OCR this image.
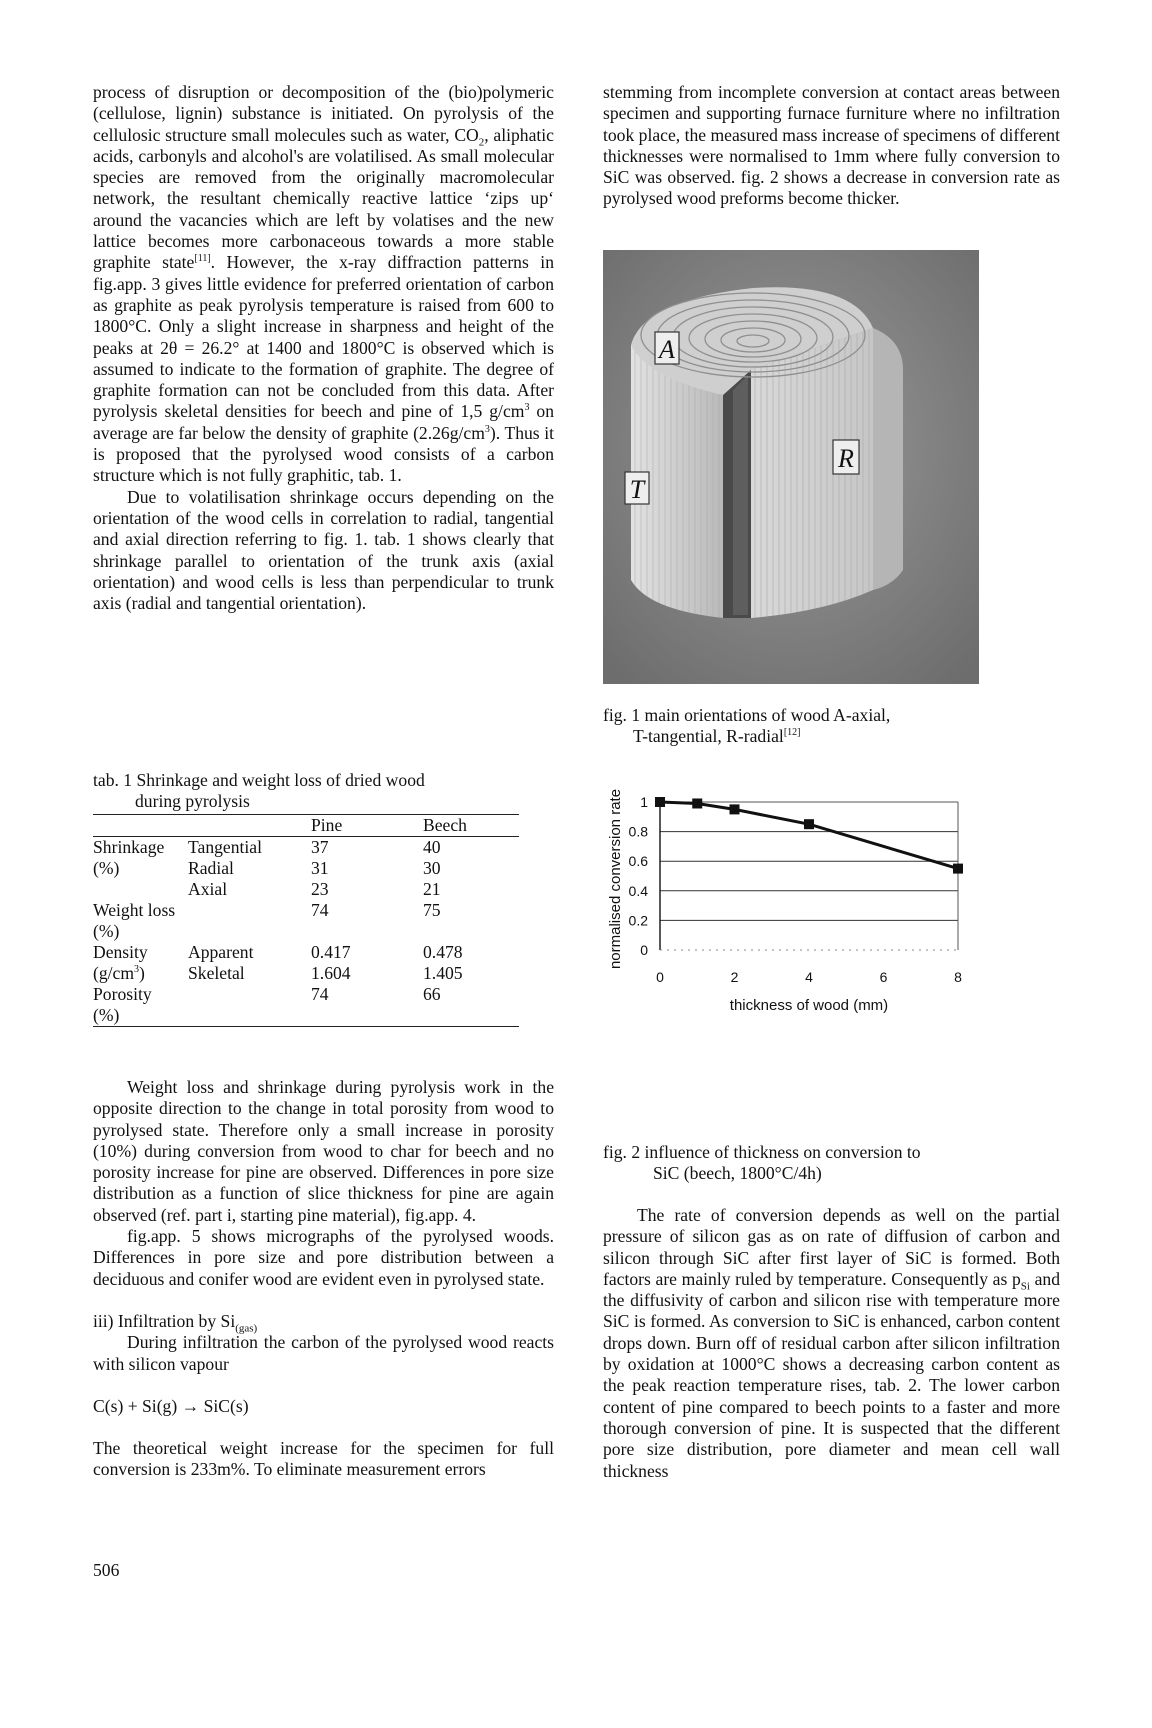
process of disruption or decomposition of the (bio)polymeric (cellulose, lignin) substance is initiated. On pyrolysis of the cellulosic structure small molecules such as water, $CO_2$, aliphatic acids, carbonyls and alcohol's are volatilised. As small molecular species are removed from the originally macromolecular network, the resultant chemically reactive lattice ‘zips up‘ around the vacancies which are left by volatises and the new lattice becomes more carbonaceous towards a more stable graphite state[11]. However, the x-ray diffraction patterns in fig.app. 3 gives little evidence for preferred orientation of carbon as graphite as peak pyrolysis temperature is raised from 600 to 1800°C. Only a slight increase in sharpness and height of the peaks at 2θ = 26.2° at 1400 and 1800°C is observed which is assumed to indicate to the formation of graphite. The degree of graphite formation can not be concluded from this data. After pyrolysis skeletal densities for beech and pine of 1,5 $g/cm^3$ on average are far below the density of graphite $(2.26g/cm^3)$. Thus it is proposed that the pyrolysed wood consists of a carbon structure which is not fully graphitic, tab. 1.

Due to volatilisation shrinkage occurs depending on the orientation of the wood cells in correlation to radial, tangential and axial direction referring to fig. 1. tab. 1 shows clearly that shrinkage parallel to orientation of the trunk axis (axial orientation) and wood cells is less than perpendicular to trunk axis (radial and tangential orientation).

tab. 1 Shrinkage and weight loss of dried wood
during pyrolysis
		Pine	Beech
Shrinkage	Tangential	37	40
(%)	Radial	31	30
	Axial	23	21
Weight loss		74	75
(%)			
Density	Apparent	0.417	0.478
$(g/cm^3)$	Skeletal	1.604	1.405
Porosity		74	66
(%)			

Weight loss and shrinkage during pyrolysis work in the opposite direction to the change in total porosity from wood to pyrolysed state. Therefore only a small increase in porosity (10%) during conversion from wood to char for beech and no porosity increase for pine are observed. Differences in pore size distribution as a function of slice thickness for pine are again observed (ref. part i, starting pine material), fig.app. 4.

fig.app. 5 shows micrographs of the pyrolysed woods. Differences in pore size and pore distribution between a deciduous and conifer wood are evident even in pyrolysed state.

iii) Infiltration by $Si_{(gas)}$

During infiltration the carbon of the pyrolysed wood reacts with silicon vapour

C(s) + Si(g) → SiC(s)

The theoretical weight increase for the specimen for full conversion is 233m%. To eliminate measurement errors

stemming from incomplete conversion at contact areas between specimen and supporting furnace furniture where no infiltration took place, the measured mass increase of specimens of different thicknesses were normalised to 1mm where fully conversion to SiC was observed. fig. 2 shows a decrease in conversion rate as pyrolysed wood preforms become thicker.

A
R
T
fig. 1 main orientations of wood A-axial,
T-tangential, R-radial[12]
0
0.2
0.4
0.6
0.8
1
0	2	4	6	8
thickness of wood (mm)
normalised conversion rate
fig. 2 influence of thickness on conversion to
SiC (beech, 1800°C/4h)

The rate of conversion depends as well on the partial pressure of silicon gas as on rate of diffusion of carbon and silicon through SiC after first layer of SiC is formed. Both factors are mainly ruled by temperature. Consequently as $p_{Si}$ and the diffusivity of carbon and silicon rise with temperature more SiC is formed. As conversion to SiC is enhanced, carbon content drops down. Burn off of residual carbon after silicon infiltration by oxidation at 1000°C shows a decreasing carbon content as the peak reaction temperature rises, tab. 2. The lower carbon content of pine compared to beech points to a faster and more thorough conversion of pine. It is suspected that the different pore size distribution, pore diameter and mean cell wall thickness

506
